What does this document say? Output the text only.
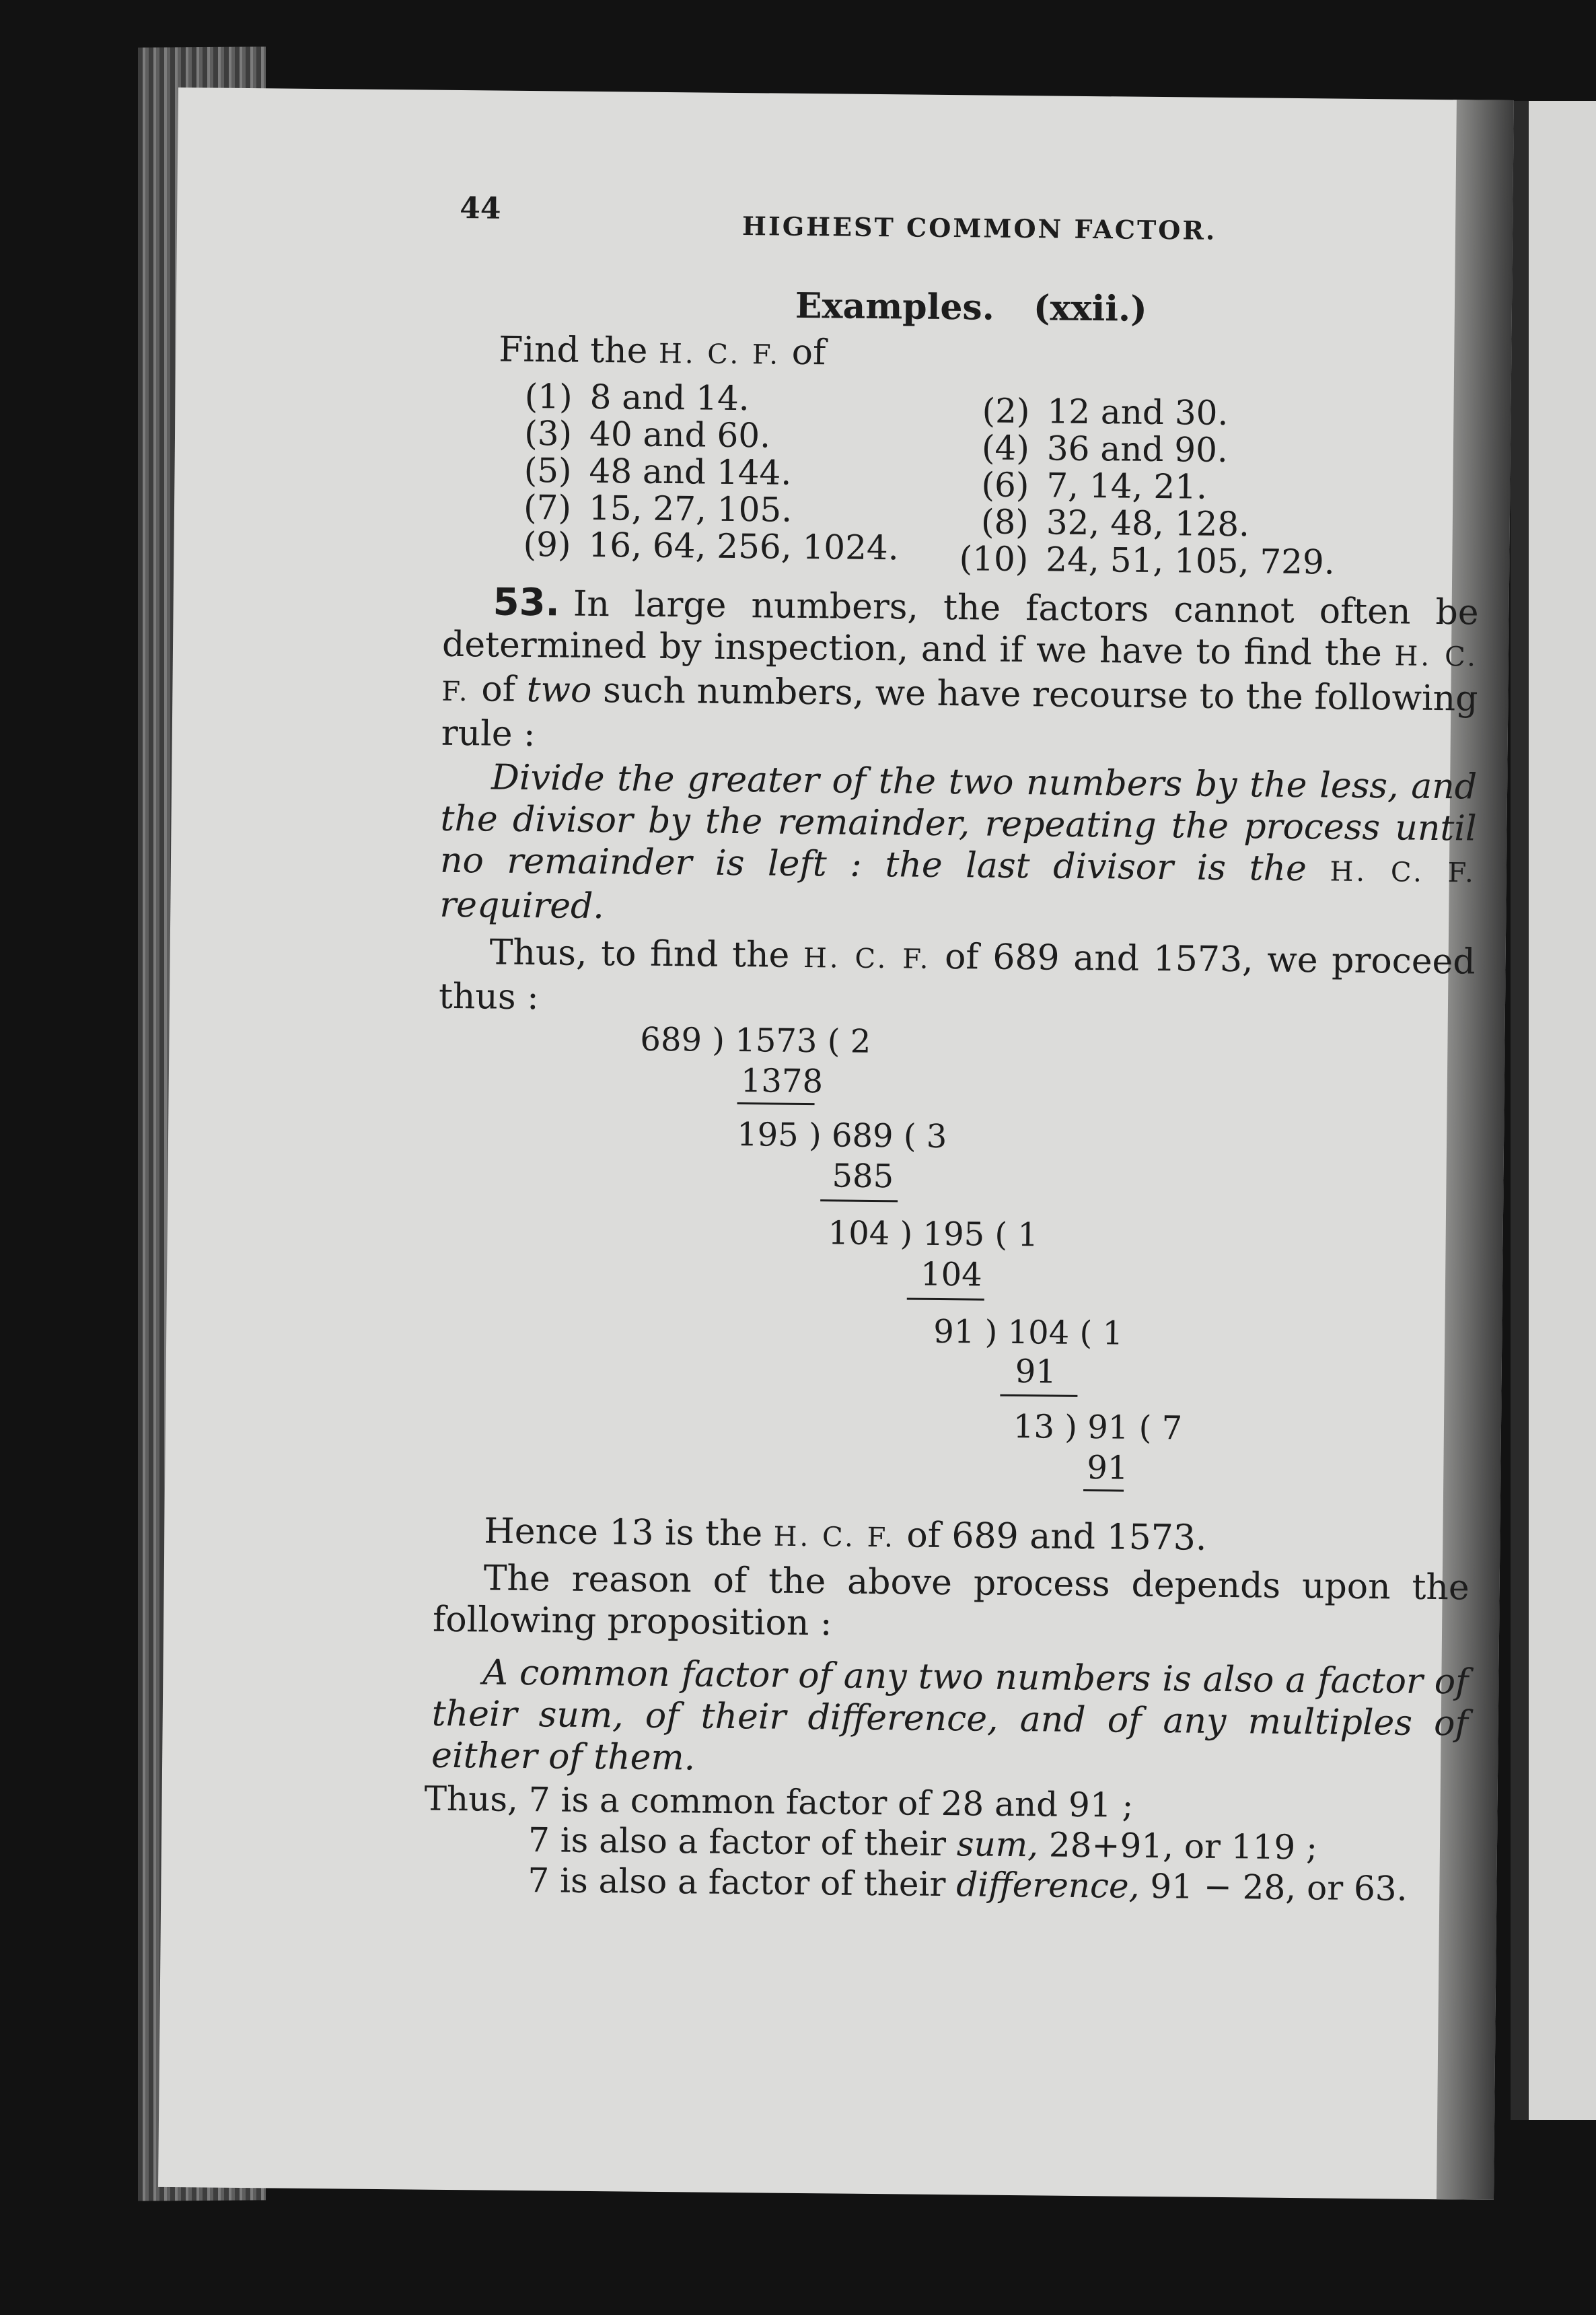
44
HIGHEST COMMON FACTOR.
Examples. (xxii.)
Find the H. C. F. of
(1) 8 and 14.	(2) 12 and 30.
(3) 40 and 60.	(4) 36 and 90.
(5) 48 and 144.	(6) 7, 14, 21.
(7) 15, 27, 105.	(8) 32, 48, 128.
(9) 16, 64, 256, 1024.	(10) 24, 51, 105, 729.
53. In large numbers, the factors cannot often be determined by inspection, and if we have to find the H. C. F. of two such numbers, we have recourse to the following rule :
Divide the greater of the two numbers by the less, and the divisor by the remainder, repeating the process until no remainder is left : the last divisor is the H. C. F. required.
Thus, to find the H. C. F. of 689 and 1573, we proceed thus :
689 ) 1573 ( 2
1378
195 ) 689 ( 3
585
104 ) 195 ( 1
104
91 ) 104 ( 1
91
13 ) 91 ( 7
91
Hence 13 is the H. C. F. of 689 and 1573.
The reason of the above process depends upon the following proposition :
A common factor of any two numbers is also a factor of their sum, of their difference, and of any multiples of either of them.
Thus, 7 is a common factor of 28 and 91 ;
7 is also a factor of their sum, 28+91, or 119 ;
7 is also a factor of their difference, 91 − 28, or 63.
